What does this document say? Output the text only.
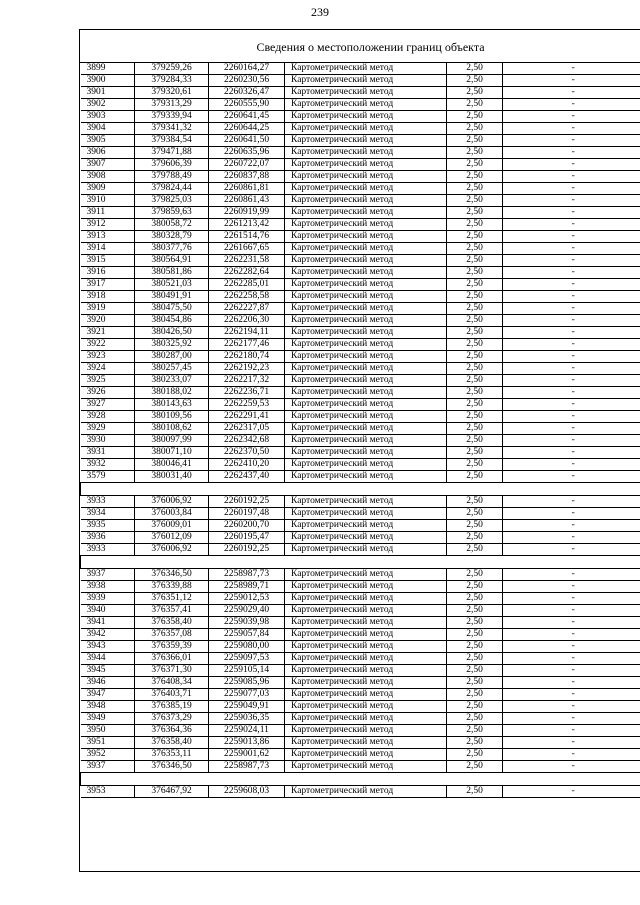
239
Сведения о местоположении границ объекта
3899	379259,26	2260164,27	Картометрический метод	2,50	-
3900	379284,33	2260230,56	Картометрический метод	2,50	-
3901	379320,61	2260326,47	Картометрический метод	2,50	-
3902	379313,29	2260555,90	Картометрический метод	2,50	-
3903	379339,94	2260641,45	Картометрический метод	2,50	-
3904	379341,32	2260644,25	Картометрический метод	2,50	-
3905	379384,54	2260641,50	Картометрический метод	2,50	-
3906	379471,88	2260635,96	Картометрический метод	2,50	-
3907	379606,39	2260722,07	Картометрический метод	2,50	-
3908	379788,49	2260837,88	Картометрический метод	2,50	-
3909	379824,44	2260861,81	Картометрический метод	2,50	-
3910	379825,03	2260861,43	Картометрический метод	2,50	-
3911	379859,63	2260919,99	Картометрический метод	2,50	-
3912	380058,72	2261213,42	Картометрический метод	2,50	-
3913	380328,79	2261514,76	Картометрический метод	2,50	-
3914	380377,76	2261667,65	Картометрический метод	2,50	-
3915	380564,91	2262231,58	Картометрический метод	2,50	-
3916	380581,86	2262282,64	Картометрический метод	2,50	-
3917	380521,03	2262285,01	Картометрический метод	2,50	-
3918	380491,91	2262258,58	Картометрический метод	2,50	-
3919	380475,50	2262227,87	Картометрический метод	2,50	-
3920	380454,86	2262206,30	Картометрический метод	2,50	-
3921	380426,50	2262194,11	Картометрический метод	2,50	-
3922	380325,92	2262177,46	Картометрический метод	2,50	-
3923	380287,00	2262180,74	Картометрический метод	2,50	-
3924	380257,45	2262192,23	Картометрический метод	2,50	-
3925	380233,07	2262217,32	Картометрический метод	2,50	-
3926	380188,02	2262236,71	Картометрический метод	2,50	-
3927	380143,63	2262259,53	Картометрический метод	2,50	-
3928	380109,56	2262291,41	Картометрический метод	2,50	-
3929	380108,62	2262317,05	Картометрический метод	2,50	-
3930	380097,99	2262342,68	Картометрический метод	2,50	-
3931	380071,10	2262370,50	Картометрический метод	2,50	-
3932	380046,41	2262410,20	Картометрический метод	2,50	-
3579	380031,40	2262437,40	Картометрический метод	2,50	-

3933	376006,92	2260192,25	Картометрический метод	2,50	-
3934	376003,84	2260197,48	Картометрический метод	2,50	-
3935	376009,01	2260200,70	Картометрический метод	2,50	-
3936	376012,09	2260195,47	Картометрический метод	2,50	-
3933	376006,92	2260192,25	Картометрический метод	2,50	-

3937	376346,50	2258987,73	Картометрический метод	2,50	-
3938	376339,88	2258989,71	Картометрический метод	2,50	-
3939	376351,12	2259012,53	Картометрический метод	2,50	-
3940	376357,41	2259029,40	Картометрический метод	2,50	-
3941	376358,40	2259039,98	Картометрический метод	2,50	-
3942	376357,08	2259057,84	Картометрический метод	2,50	-
3943	376359,39	2259080,00	Картометрический метод	2,50	-
3944	376366,01	2259097,53	Картометрический метод	2,50	-
3945	376371,30	2259105,14	Картометрический метод	2,50	-
3946	376408,34	2259085,96	Картометрический метод	2,50	-
3947	376403,71	2259077,03	Картометрический метод	2,50	-
3948	376385,19	2259049,91	Картометрический метод	2,50	-
3949	376373,29	2259036,35	Картометрический метод	2,50	-
3950	376364,36	2259024,11	Картометрический метод	2,50	-
3951	376358,40	2259013,86	Картометрический метод	2,50	-
3952	376353,11	2259001,62	Картометрический метод	2,50	-
3937	376346,50	2258987,73	Картометрический метод	2,50	-

3953	376467,92	2259608,03	Картометрический метод	2,50	-
